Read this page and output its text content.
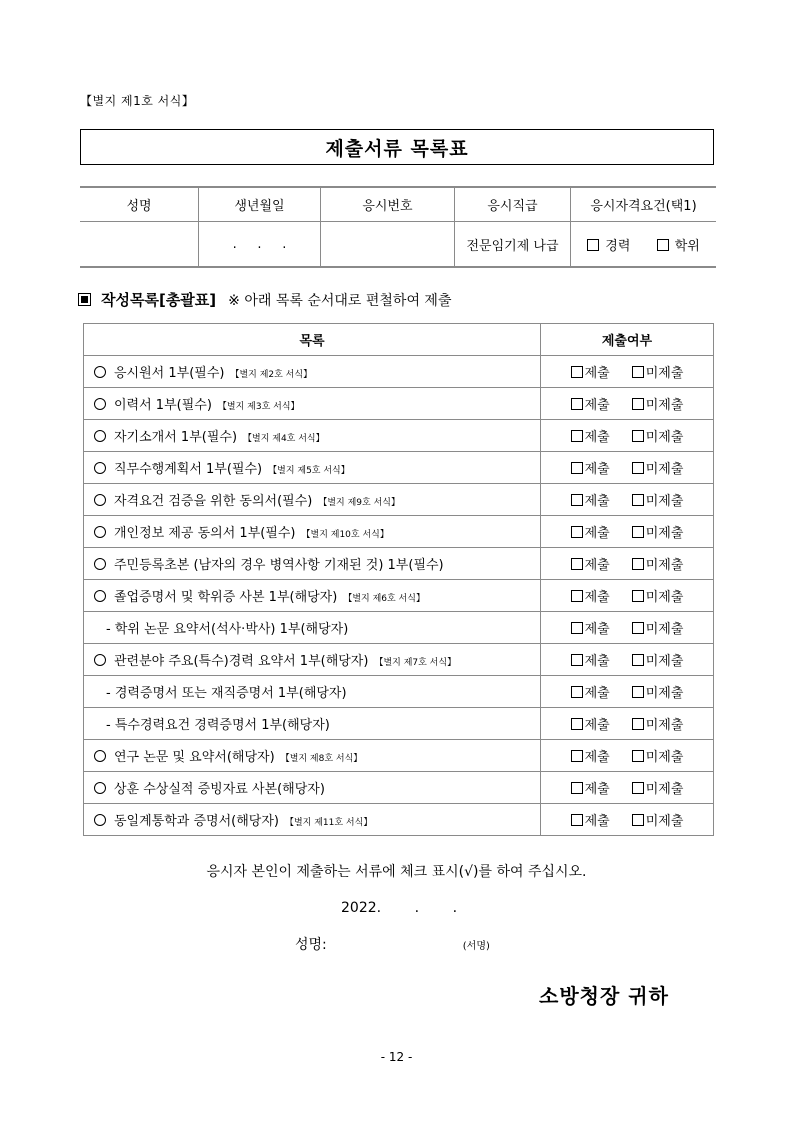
【별지 제1호 서식】
제출서류 목록표
성명	생년월일	응시번호	응시직급	응시자격요건(택1)
	.     .     .		전문임기제 나급	경력 학위
작성목록[총괄표] ※ 아래 목록 순서대로 편철하여 제출
목록	제출여부
응시원서 1부(필수) 【별지 제2호 서식】	제출 미제출
이력서 1부(필수) 【별지 제3호 서식】	제출 미제출
자기소개서 1부(필수) 【별지 제4호 서식】	제출 미제출
직무수행계획서 1부(필수) 【별지 제5호 서식】	제출 미제출
자격요건 검증을 위한 동의서(필수) 【별지 제9호 서식】	제출 미제출
개인정보 제공 동의서 1부(필수) 【별지 제10호 서식】	제출 미제출
주민등록초본 (남자의 경우 병역사항 기재된 것) 1부(필수)	제출 미제출
졸업증명서 및 학위증 사본 1부(해당자) 【별지 제6호 서식】	제출 미제출
- 학위 논문 요약서(석사·박사) 1부(해당자)	제출 미제출
관련분야 주요(특수)경력 요약서 1부(해당자) 【별지 제7호 서식】	제출 미제출
- 경력증명서 또는 재직증명서 1부(해당자)	제출 미제출
- 특수경력요건 경력증명서 1부(해당자)	제출 미제출
연구 논문 및 요약서(해당자) 【별지 제8호 서식】	제출 미제출
상훈 수상실적 증빙자료 사본(해당자)	제출 미제출
동일계통학과 증명서(해당자) 【별지 제11호 서식】	제출 미제출
응시자 본인이 제출하는 서류에 체크 표시(√)를 하여 주십시오.
2022. . .
성명:	(서명)
소방청장 귀하
- 12 -
